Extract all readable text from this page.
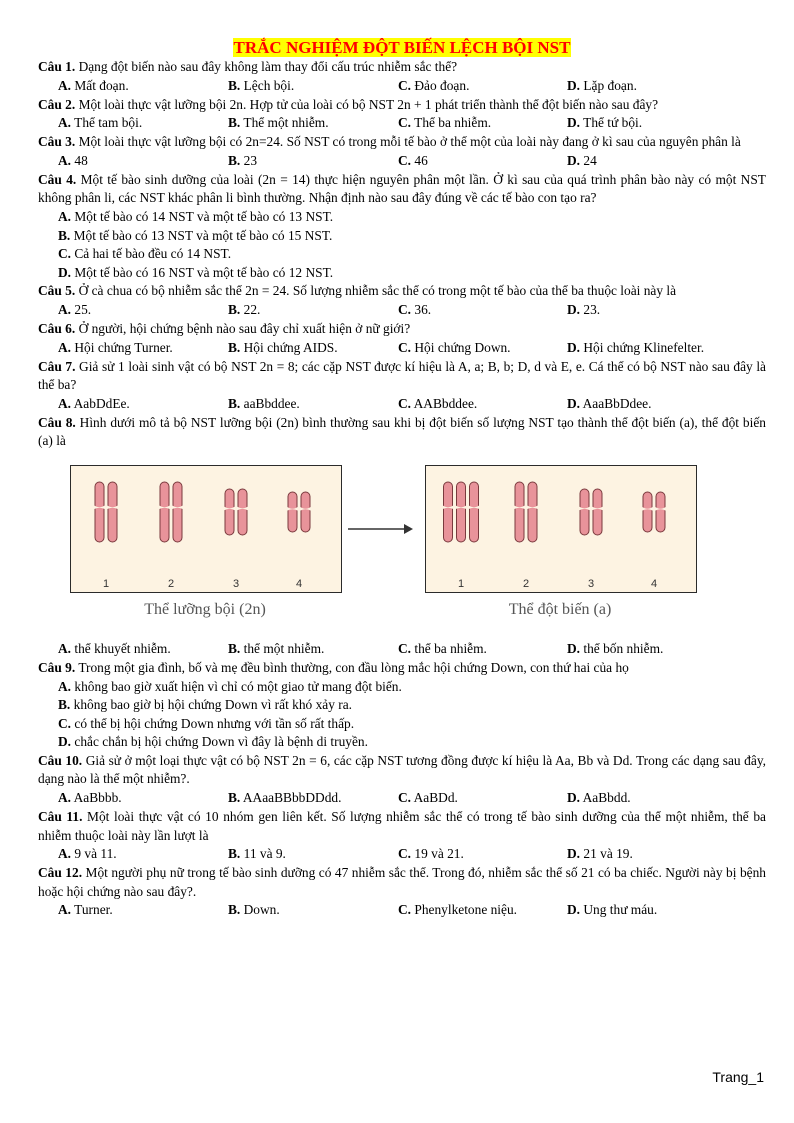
TRẮC NGHIỆM ĐỘT BIẾN LỆCH BỘI NST

Câu 1. Dạng đột biến nào sau đây không làm thay đổi cấu trúc nhiễm sắc thể?

A. Mất đoạn.	B. Lệch bội.	C. Đảo đoạn.	D. Lặp đoạn.

Câu 2. Một loài thực vật lưỡng bội 2n. Hợp tử của loài có bộ NST 2n + 1 phát triển thành thể đột biến nào sau đây?

A. Thể tam bội.	B. Thể một nhiễm.	C. Thể ba nhiễm.	D. Thể tứ bội.

Câu 3. Một loài thực vật lưỡng bội có 2n=24. Số NST có trong mỗi tế bào ở thể một của loài này đang ở kì sau của nguyên phân là

A. 48	B. 23	C. 46	D. 24

Câu 4. Một tế bào sinh dưỡng của loài (2n = 14) thực hiện nguyên phân một lần. Ở kì sau của quá trình phân bào này có một NST không phân li, các NST khác phân li bình thường. Nhận định nào sau đây đúng về các tế bào con tạo ra?

A. Một tế bào có 14 NST và một tế bào có 13 NST.
B. Một tế bào có 13 NST và một tế bào có 15 NST.
C. Cả hai tế bào đều có 14 NST.
D. Một tế bào có 16 NST và một tế bào có 12 NST.

Câu 5. Ở cà chua có bộ nhiễm sắc thể 2n = 24. Số lượng nhiễm sắc thể có trong một tế bào của thể ba thuộc loài này là

A. 25.	B. 22.	C. 36.	D. 23.

Câu 6. Ở người, hội chứng bệnh nào sau đây chỉ xuất hiện ở nữ giới?

A. Hội chứng Turner.	B. Hội chứng AIDS.	C. Hội chứng Down.	D. Hội chứng Klinefelter.

Câu 7. Giả sử 1 loài sinh vật có bộ NST 2n = 8; các cặp NST được kí hiệu là A, a; B, b; D, d và E, e. Cá thể có bộ NST nào sau đây là thể ba?

A. AabDdEe.	B. aaBbddee.	C. AABbddee.	D. AaaBbDdee.

Câu 8. Hình dưới mô tả bộ NST lưỡng bội (2n) bình thường sau khi bị đột biến số lượng NST tạo thành thể đột biến (a), thể đột biến (a) là

1	2	3	4	1	2	3	4
Thể lưỡng bội (2n)	Thể đột biến (a)
A. thể khuyết nhiễm.	B. thể một nhiễm.	C. thể ba nhiễm.	D. thể bốn nhiễm.

Câu 9. Trong một gia đình, bố và mẹ đều bình thường, con đầu lòng mắc hội chứng Down, con thứ hai của họ

A. không bao giờ xuất hiện vì chỉ có một giao tử mang đột biến.
B. không bao giờ bị hội chứng Down vì rất khó xảy ra.
C. có thể bị hội chứng Down nhưng với tần số rất thấp.
D. chắc chắn bị hội chứng Down vì đây là bệnh di truyền.

Câu 10. Giả sử ở một loại thực vật có bộ NST 2n = 6, các cặp NST tương đồng được kí hiệu là Aa, Bb và Dd. Trong các dạng sau đây, dạng nào là thể một nhiễm?.

A. AaBbbb.	B. AAaaBBbbDDdd.	C. AaBDd.	D. AaBbdd.

Câu 11. Một loài thực vật có 10 nhóm gen liên kết. Số lượng nhiễm sắc thể có trong tế bào sinh dưỡng của thể một nhiễm, thể ba nhiễm thuộc loài này lần lượt là

A. 9 và 11.	B. 11 và 9.	C. 19 và 21.	D. 21 và 19.

Câu 12. Một người phụ nữ trong tế bào sinh dưỡng có 47 nhiễm sắc thể. Trong đó, nhiễm sắc thể số 21 có ba chiếc. Người này bị bệnh hoặc hội chứng nào sau đây?.

A. Turner.	B. Down.	C. Phenylketone niệu.	D. Ung thư máu.
Trang_1
